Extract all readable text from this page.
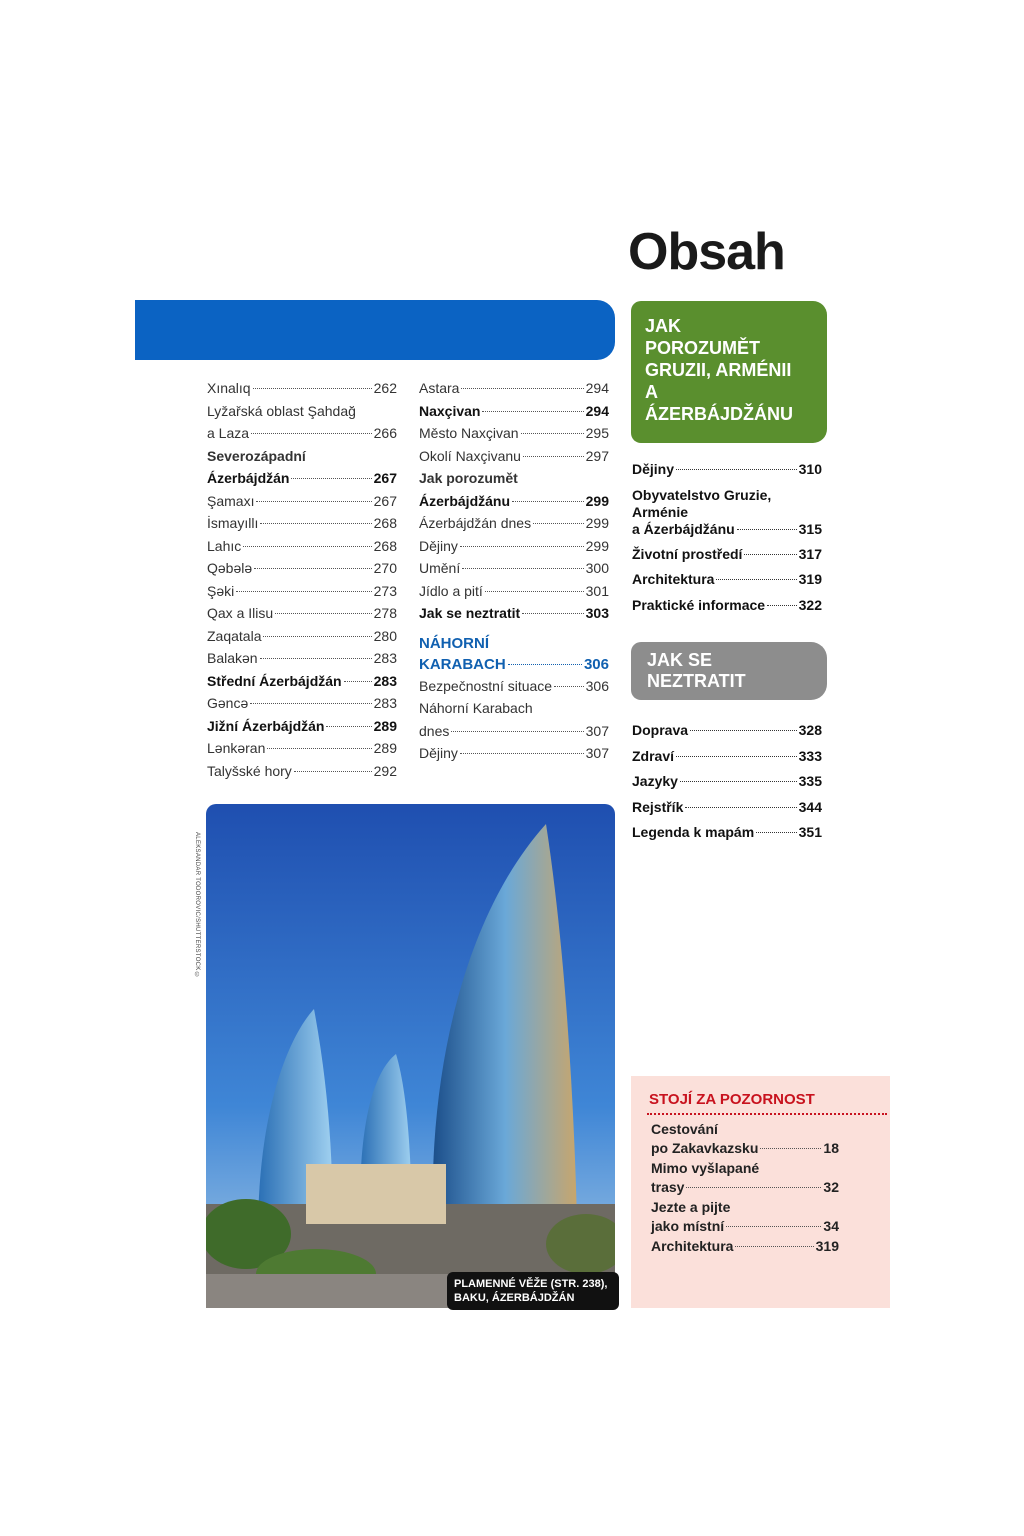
Obsah
Xınalıq	262
Lyžařská oblast Şahdağ
a Laza	266
Severozápadní
Ázerbájdžán	267
Şamaxı	267
İsmayıllı	268
Lahıc	268
Qəbələ	270
Şəki	273
Qax a Ilisu	278
Zaqatala	280
Balakən	283
Střední Ázerbájdžán 283
Gəncə	283
Jižní Ázerbájdžán	289
Lənkəran	289
Talyšské hory	292
Astara	294
Naxçivan	294
Město Naxçivan	295
Okolí Naxçivanu	297
Jak porozumět
Ázerbájdžánu	299
Ázerbájdžán dnes	299
Dějiny	299
Umění	300
Jídlo a pití	301
Jak se neztratit	303
NÁHORNÍ
KARABACH	306
Bezpečnostní situace 306
Náhorní Karabach
dnes	307
Dějiny	307
JAK
POROZUMĚT
GRUZII, ARMÉNII
A
ÁZERBÁJDŽÁNU
Dějiny	310
Obyvatelstvo Gruzie,
Arménie
a Ázerbájdžánu	315
Životní prostředí	317
Architektura	319
Praktické informace 322
JAK SE
NEZTRATIT
Doprava	328
Zdraví	333
Jazyky	335
Rejstřík	344
Legenda k mapám	351
ALEKSANDAR TODOROVIC/SHUTTERSTOCK ©
PLAMENNÉ VĚŽE (STR. 238),
BAKU, ÁZERBÁJDŽÁN
STOJÍ ZA POZORNOST
Cestování
po Zakavkazsku	18
Mimo vyšlapané
trasy	32
Jezte a pijte
jako místní	34
Architektura	319
